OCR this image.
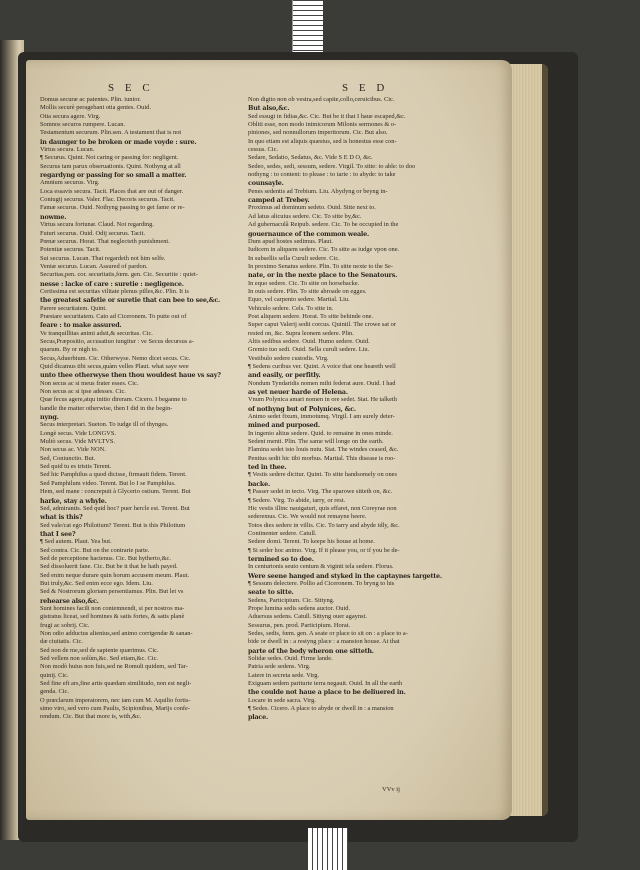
S E C	S E D
Domus securæ ac patentes. Plin. iunior.
Mollis securè peragebant otia gentes. Ouid.
Otia secura agere. Virg.
Somnos securos rumpere. Lucan.
Testamentum securum. Plin.sen. A testament that is not
in daunger to be broken or made voyde : sure.
Virtus secura. Lucan.
¶ Securus. Quint. Not caring or passing for: negligent.
Securus tam parux obseruationis. Quint. Nothyng at all
regardyng or passing for so small a matter.
Amnium securus. Virg.
Loca essavis secura. Tacit. Places that are out of danger.
Coniugij securus. Valer. Flac. Decoris securus. Tacit.
Famæ securus. Ouid. Nothyng passing to get fame or re-
nowme.
Virtus secura fortunæ. Claud. Not regarding.
Futuri securus. Ouid. Odij securus. Tacit.
Pœnæ securus. Horat. That neglecteth punishment.
Potentiæ securus. Tacit.
Sui securus. Lucan. That regardeth not him selfe.
Veniæ securus. Lucan. Assured of pardon.
Securitas,pen. cor. securitatis,fœm. gen. Cic. Securitie : quiet-
nesse : lacke of care : suretie : negligence.
Certissima est securitas vilitate plenus pilles,&c. Plin. It is
the greatest safetie or suretie that can bee to see,&c.
Parere securitatem. Quint.
Præstare securitatem. Cato ad Ciceronem. To putte out of
feare : to make assured.
Ve tranquillitas animi adsit,& securitas. Cic.
Secus,Præpositio, accusatiuo iungitur : ve Secus decursus a-
quarum. By or nigh to.
Secus,Aduerbium. Cic. Otherwyse. Nemo dicet secus. Cic.
Quid dicamus tibi secus,quàm velles Plaut. what saye wee
unto thee otherwyse then thou wouldest haue vs say?
Non secus ac si meus frater esses. Cic.
Non secus ac si ipse adesses. Cic.
Quæ fecus agere,atqu initio direram. Cicero. I beganne to
handle the matter otherwise, then I did in the begin-
nyng.
Secus interpretari. Sueton. To iudge ill of thynges.
Longè secus. Vide LONGVS.
Multò secus. Vide MVLTVS.
Non secus ac. Vide NON.
Sed, Coniunctio. But.
Sed quid tu es tristis Terent.
Sed hic Pamphilus a quod dicisse, firmauit fidem. Terent.
Sed Pamphilum video. Terent. But lo I se Pamphilus.
Hem, sed mane : concrepuit à Glycerio ostium. Terent. But
harke, stay a whyle.
Sed, admirantis. Sed quid hoc? puer hercle est. Terent. But
what is this?
Sed vale/cat ego Philotium? Terent. But is this Philotium
that I see?
¶ Sed autem. Plaut. Yea but.
Sed contra. Cic. But on the contrarie parte.
Sed de perceptione hactenus. Cic. But hytherto,&c.
Sed dissoluerit fane. Cic. But be it that he hath payed.
Sed enim neque durare quin horum accusem meum. Plaut.
But truly,&c. Sed enim ecce ego. Idem. Liu.
Sed & Nostrorum gloriam persentiamus. Plin. But let vs
rehearse also,&c.
Sunt homines facili non contemnendi, si per nostros ma-
gistratus liceat, sed homines & satis fortes, & satis planè
frugi ac sobrij. Cic.
Non odio adductus alienius,sed animo corrigendæ & sanan-
dæ ciuitatis. Cic.
Sed non de me,sed de sapiente quærimus. Cic.
Sed vellem non solùm,&c. Sed etiam,&c. Cic.
Non modò huius non fuis,sed ne Romuli quidem, sed Tar-
quinij. Cic.
Sed fine eft ars,fine artis quædam similitudo, non est negli-
genda. Cic.
O præclarum imperatorem, nec iam cum M. Aquilio fortis-
simo viro, sed vero cum Paulis, Scipionibus, Marijs confe-
rendum. Cic. But that more is, with,&c.
Non digito non ob vestra,sed capite,collo,ceruicibus. Cic.
But also,&c.
Sed essugi in fidias,&c. Cic. But be it that I haue escaped,&c.
Obliti esse, non modo inimicorum Milonis sermones & o-
piniones, sed nonnullorum imperitorum. Cic. But also.
In quo etiam est aliquis quæstus, sed is honestus esse con-
cessus. Cic.
Sedare, Sedatio, Sedatus, &c. Vide S E D O, &c.
Sedeo, sedes, sedi, sessum, sedere. Virgil. To sitte: to able: to doo
nothyng : to content: to please : to tarie : to abyde: to take
counsayle.
Penes sedentis ad Trebium. Liu. Abydyng or beyng in-
camped at Trebey.
Proximus ad dominum sedeto. Ouid. Sitte next to.
Ad latus alicuius sedere. Cic. To sitte by,&c.
Ad gubernaculâ Reipub. sedere. Cic. To be occupied in the
gouernaunce of the common weale.
Dum apud hostes sedimus. Plaut.
Iudicem in aliquem sedere. Cic. To sitte as iudge vpon one.
In subsellis sella Curuli sedere. Cic.
In proximo Senatus sedere. Plin. To sitte nexte to the Se-
nate, or in the nexte place to the Senatours.
In equo sedere. Cic. To sitte on horsebacke.
In ouis sedere. Plin. To sitte abroade on egges.
Equo, vel carpento sedere. Martial. Liu.
Vehiculo sedere. Cels. To sitte in.
Post aliquem sedere. Horat. To sitte behinde one.
Super caput Valerij sedit corcus. Quintil. The crowe sat or
rested on, &c. Supra leonem sedere. Plin.
Altis sedibus sedere. Ouid. Humo sedere. Ouid.
Gremio tuo sedi. Ouid. Sella curuli sedere. Liu.
Vestibulo sedere custodis. Virg.
¶ Sedens curibus ver. Quint. A voice that one heareth well
and easily, or perfitly.
Nondum Tyndaridis nomen mihi federat aure. Ouid. I had
as yet neuer harde of Helena.
Vnum Polynica amari nomen in ore sedet. Stat. He talketh
of nothyng but of Polynices, &c.
Animo sedet fixum, immotumq. Virgil. I am surely deter-
mined and purposed.
In ingenio altius sedere. Quid. to remaine in ones minde.
Sedent menti. Plin. The same will longe on the earth.
Flamina sedet isto louis nutu. Stat. The windes ceased, &c.
Penitus sedit hic tibi morbus. Martial. This disease is roo-
ted in thee.
¶ Vestis sedere dicitur. Quint. To sitte handsomely on ones
backe.
¶ Passer sedet in tecto. Virg. The sparowe sitteth on, &c.
¶ Sedere. Virg. To abide, tarry, or rest.
Hic vestis illinc nauigaturi, quis effaret, non Coreyrae non
sederemus. Cic. We would not remayne heere.
Totos dies sedere in villis. Cic. To tarry and abyde idly, &c.
Continenter sedere. Catull.
Sedere domi. Terent. To keepe his house at home.
¶ Si seder hoc animo. Virg. If it please you, or if you be de-
termined so to doe.
In centurionis seuto centum & viginti tela sedere. Florus.
Were seene hanged and styked in the captaynes targette.
¶ Sessum delectere. Pollio ad Ciceronem. To bryng to his
seate to sitte.
Sedens, Participium. Cic. Sittyng.
Prope lumina sedis sedens auctor. Ouid.
Aduersus sedens. Catull. Sittyng ouer agaynst.
Sessurus, pen. prod. Participium. Horat.
Sedes, sedis, fœm. gen. A seate or place to sit on : a place to a-
bide or dwell in : a restyng place : a mansion house. At that
parte of the body wheron one sitteth.
Solidæ sedes. Ouid. Firme lande.
Patria sede sedens. Virg.
Latere in secreta sede. Virg.
Exiguam sedem pariturie terra negauit. Ouid. In all the earth
the coulde not haue a place to be deliuered in.
Locare in sede sacra. Virg.
¶ Sedes. Cicero. A place to abyde or dwell in : a mansion
place.
VVv ij
